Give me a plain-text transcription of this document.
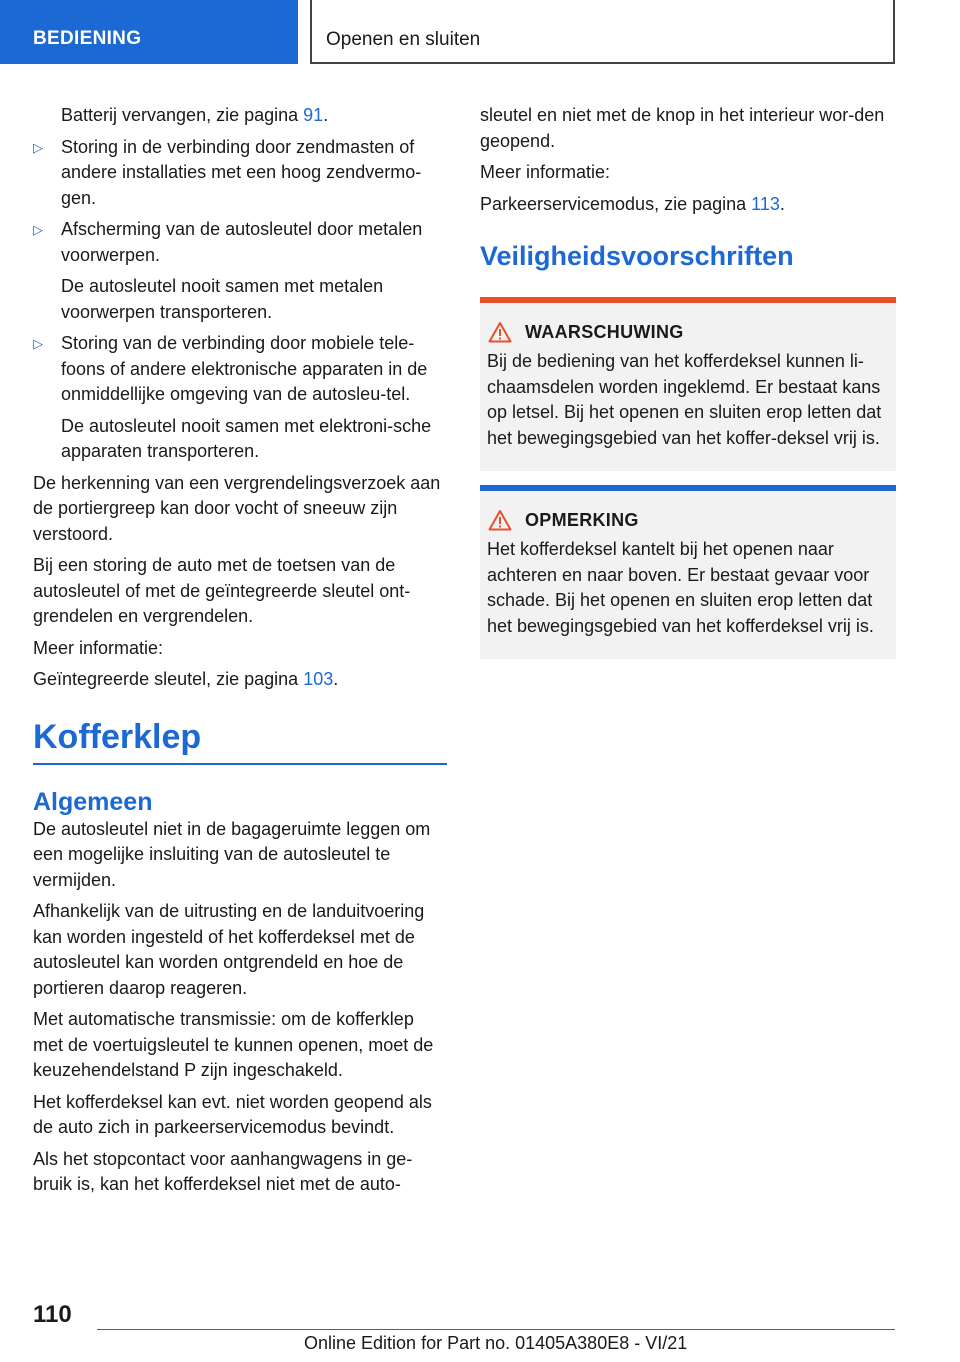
BEDIENING	Openen en sluiten

Batterij vervangen, zie pagina 91.

▷ Storing in de verbinding door zendmasten of andere installaties met een hoog zendvermo-gen.
▷ Afscherming van de autosleutel door metalen voorwerpen.

De autosleutel nooit samen met metalen voorwerpen transporteren.

▷ Storing van de verbinding door mobiele tele-foons of andere elektronische apparaten in de onmiddellijke omgeving van de autosleu-tel.

De autosleutel nooit samen met elektroni-sche apparaten transporteren.

De herkenning van een vergrendelingsverzoek aan de portiergreep kan door vocht of sneeuw zijn verstoord.

Bij een storing de auto met de toetsen van de autosleutel of met de geïntegreerde sleutel ont-grendelen en vergrendelen.

Meer informatie:

Geïntegreerde sleutel, zie pagina 103.

Kofferklep
Algemeen

De autosleutel niet in de bagageruimte leggen om een mogelijke insluiting van de autosleutel te vermijden.

Afhankelijk van de uitrusting en de landuitvoering kan worden ingesteld of het kofferdeksel met de autosleutel kan worden ontgrendeld en hoe de portieren daarop reageren.

Met automatische transmissie: om de kofferklep met de voertuigsleutel te kunnen openen, moet de keuzehendelstand P zijn ingeschakeld.

Het kofferdeksel kan evt. niet worden geopend als de auto zich in parkeerservicemodus bevindt.

Als het stopcontact voor aanhangwagens in ge-bruik is, kan het kofferdeksel niet met de auto-

sleutel en niet met de knop in het interieur wor-den geopend.

Meer informatie:

Parkeerservicemodus, zie pagina 113.

Veiligheidsvoorschriften
WAARSCHUWING

Bij de bediening van het kofferdeksel kunnen li-chaamsdelen worden ingeklemd. Er bestaat kans op letsel. Bij het openen en sluiten erop letten dat het bewegingsgebied van het koffer-deksel vrij is.

OPMERKING

Het kofferdeksel kantelt bij het openen naar achteren en naar boven. Er bestaat gevaar voor schade. Bij het openen en sluiten erop letten dat het bewegingsgebied van het kofferdeksel vrij is.

110
Online Edition for Part no. 01405A380E8 - VI/21
